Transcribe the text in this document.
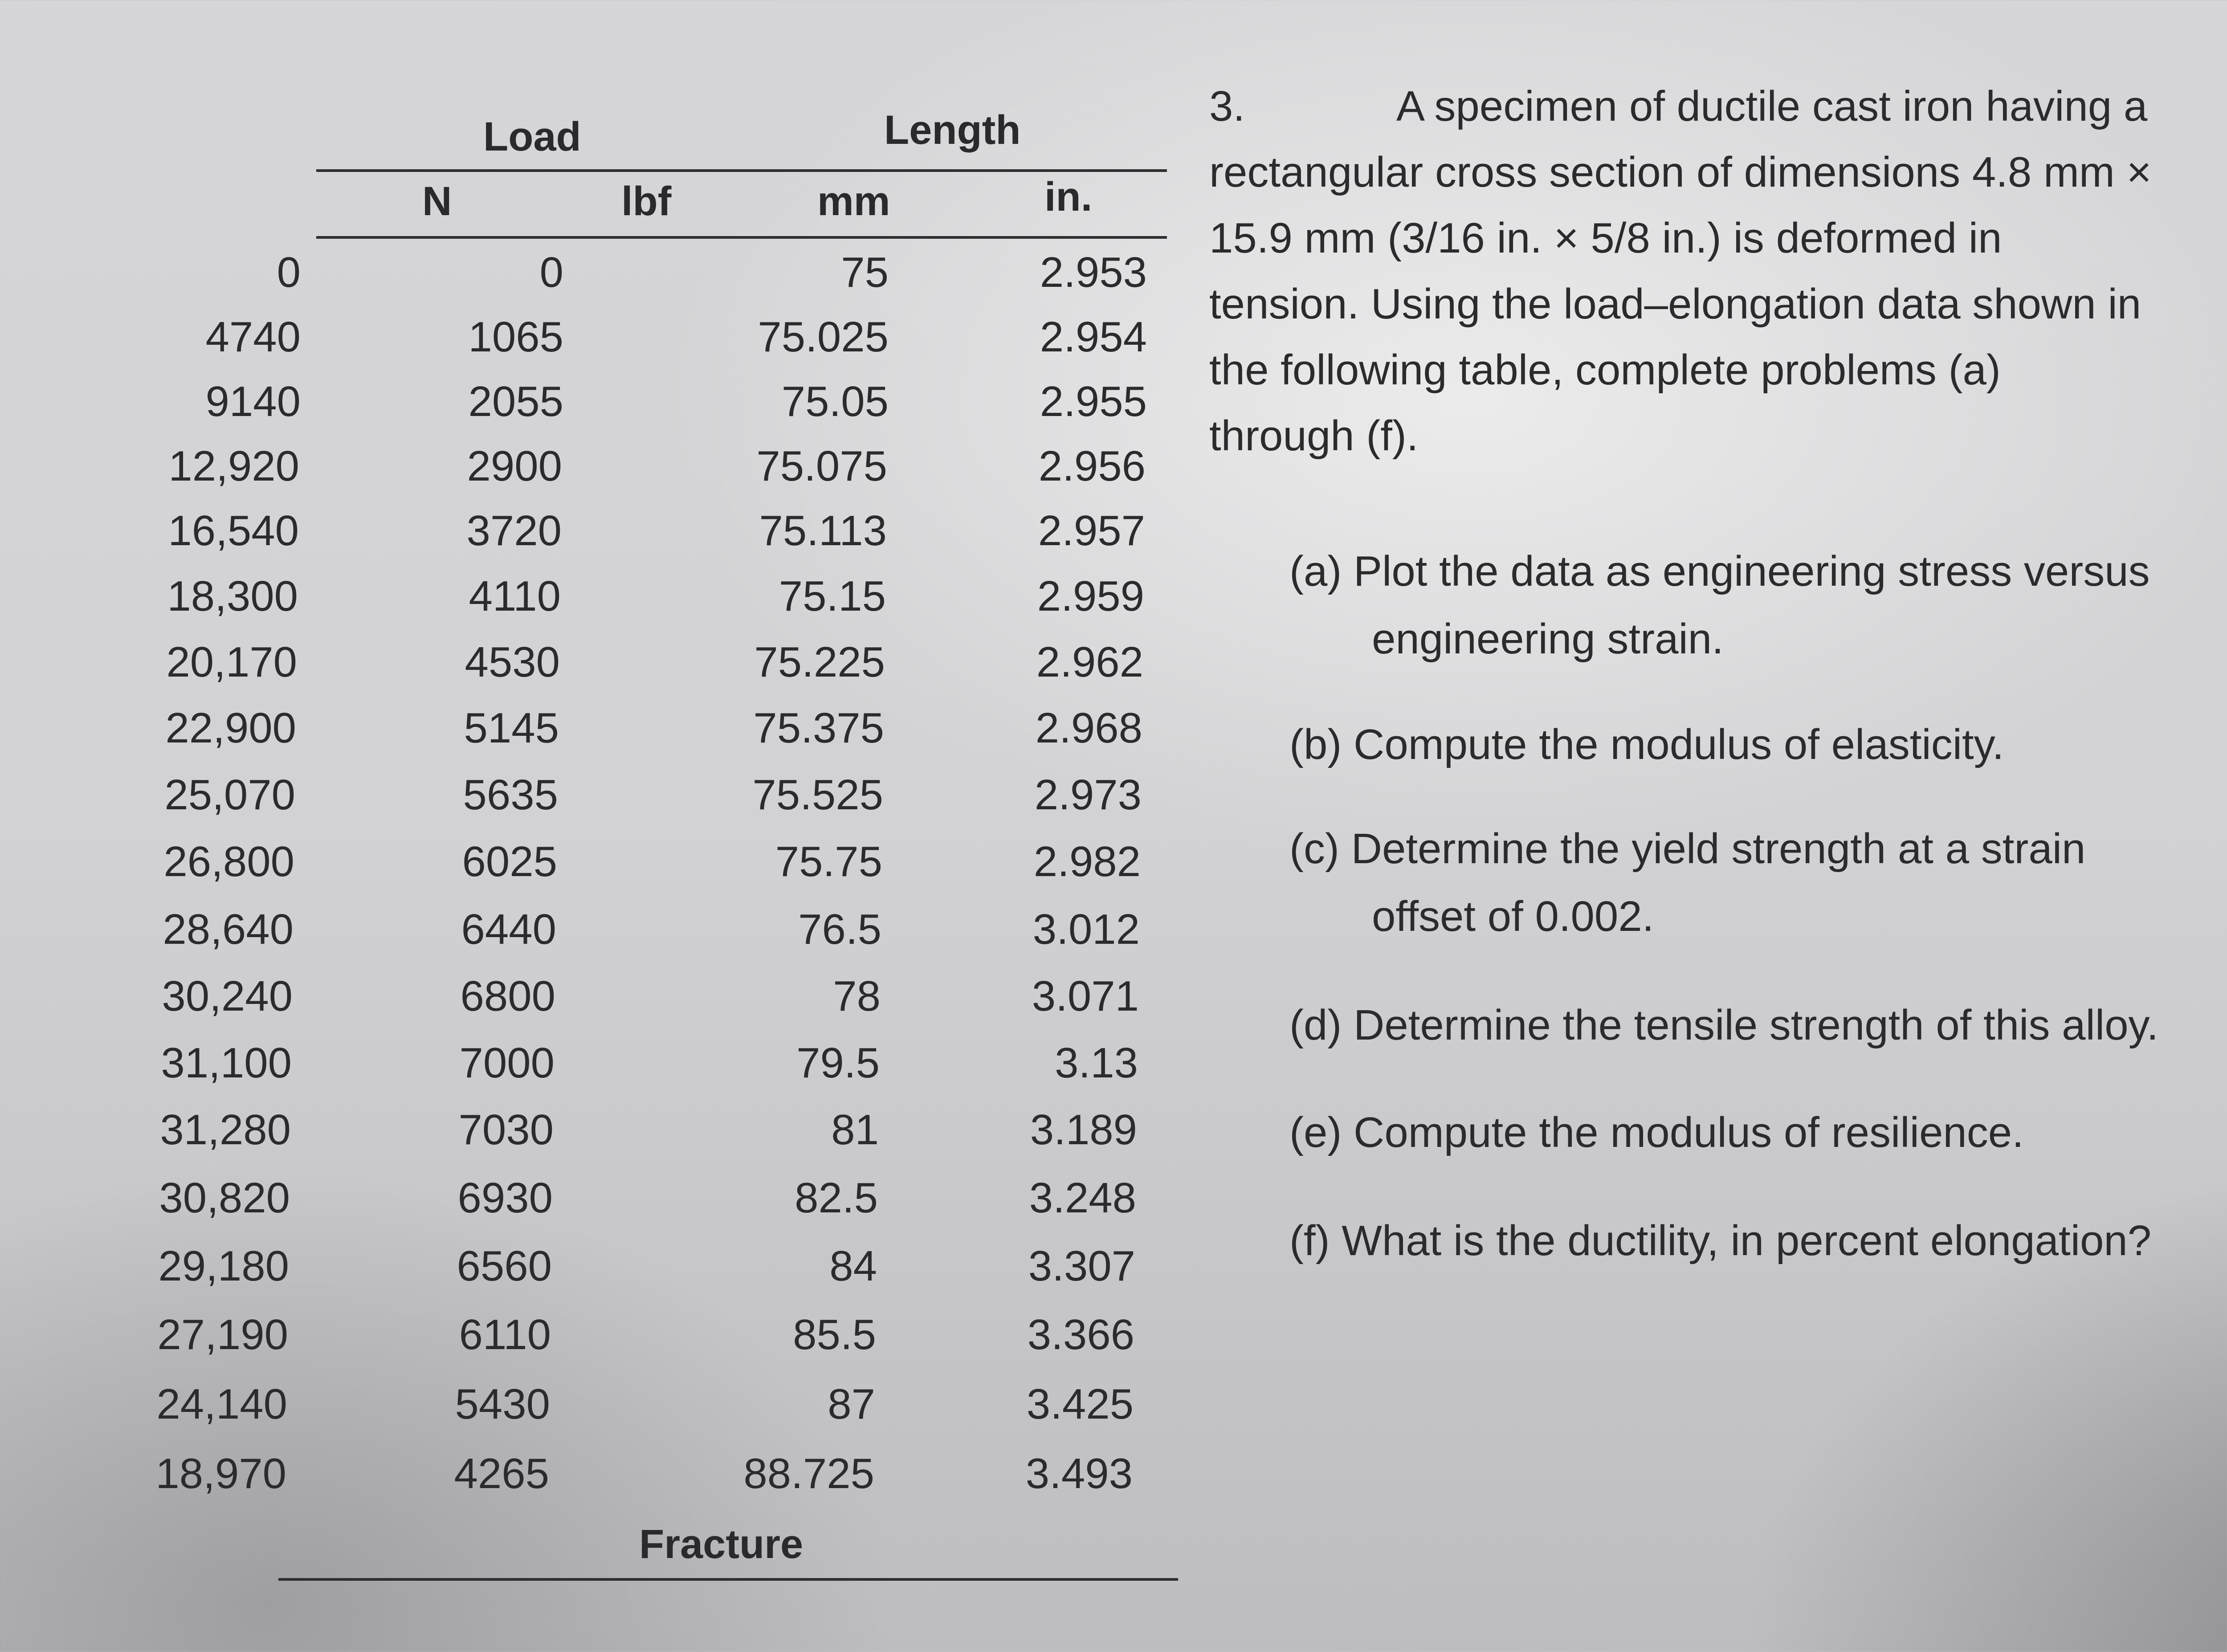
Load	Length
N	lbf	mm	in.
0	0	75	2.953
4740	1065	75.025	2.954
9140	2055	75.05	2.955
12,920	2900	75.075	2.956
16,540	3720	75.113	2.957
18,300	4110	75.15	2.959
20,170	4530	75.225	2.962
22,900	5145	75.375	2.968
25,070	5635	75.525	2.973
26,800	6025	75.75	2.982
28,640	6440	76.5	3.012
30,240	6800	78	3.071
31,100	7000	79.5	3.13
31,280	7030	81	3.189
30,820	6930	82.5	3.248
29,180	6560	84	3.307
27,190	6110	85.5	3.366
24,140	5430	87	3.425
18,970	4265	88.725	3.493
Fracture
3.	A specimen of ductile cast iron having a
rectangular cross section of dimensions 4.8 mm ×
15.9 mm (3/16 in. × 5/8 in.) is deformed in
tension. Using the load–elongation data shown in
the following table, complete problems (a)
through (f).
(a) Plot the data as engineering stress versus
engineering strain.
(b) Compute the modulus of elasticity.
(c) Determine the yield strength at a strain
offset of 0.002.
(d) Determine the tensile strength of this alloy.
(e) Compute the modulus of resilience.
(f) What is the ductility, in percent elongation?
